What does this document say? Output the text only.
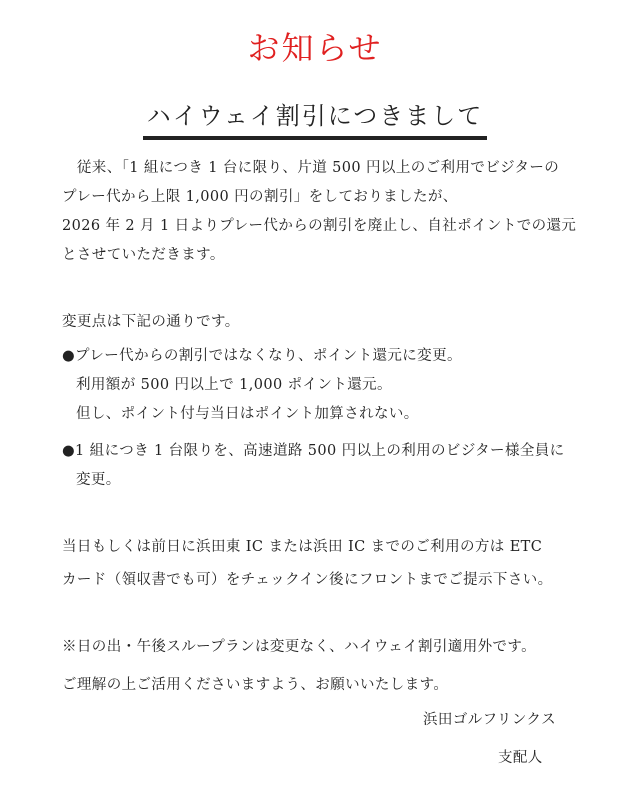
お知らせ
ハイウェイ割引につきまして
　従来、「1 組につき 1 台に限り、片道 500 円以上のご利用でビジターの
プレー代から上限 1,000 円の割引」をしておりましたが、
2026 年 2 月 1 日よりプレー代からの割引を廃止し、自社ポイントでの還元
とさせていただきます。
変更点は下記の通りです。
●プレー代からの割引ではなくなり、ポイント還元に変更。
利用額が 500 円以上で 1,000 ポイント還元。
但し、ポイント付与当日はポイント加算されない。
●1 組につき 1 台限りを、高速道路 500 円以上の利用のビジター様全員に
変更。
当日もしくは前日に浜田東 IC または浜田 IC までのご利用の方は ETC
カード（領収書でも可）をチェックイン後にフロントまでご提示下さい。
※日の出・午後スループランは変更なく、ハイウェイ割引適用外です。
ご理解の上ご活用くださいますよう、お願いいたします。
浜田ゴルフリンクス
支配人
